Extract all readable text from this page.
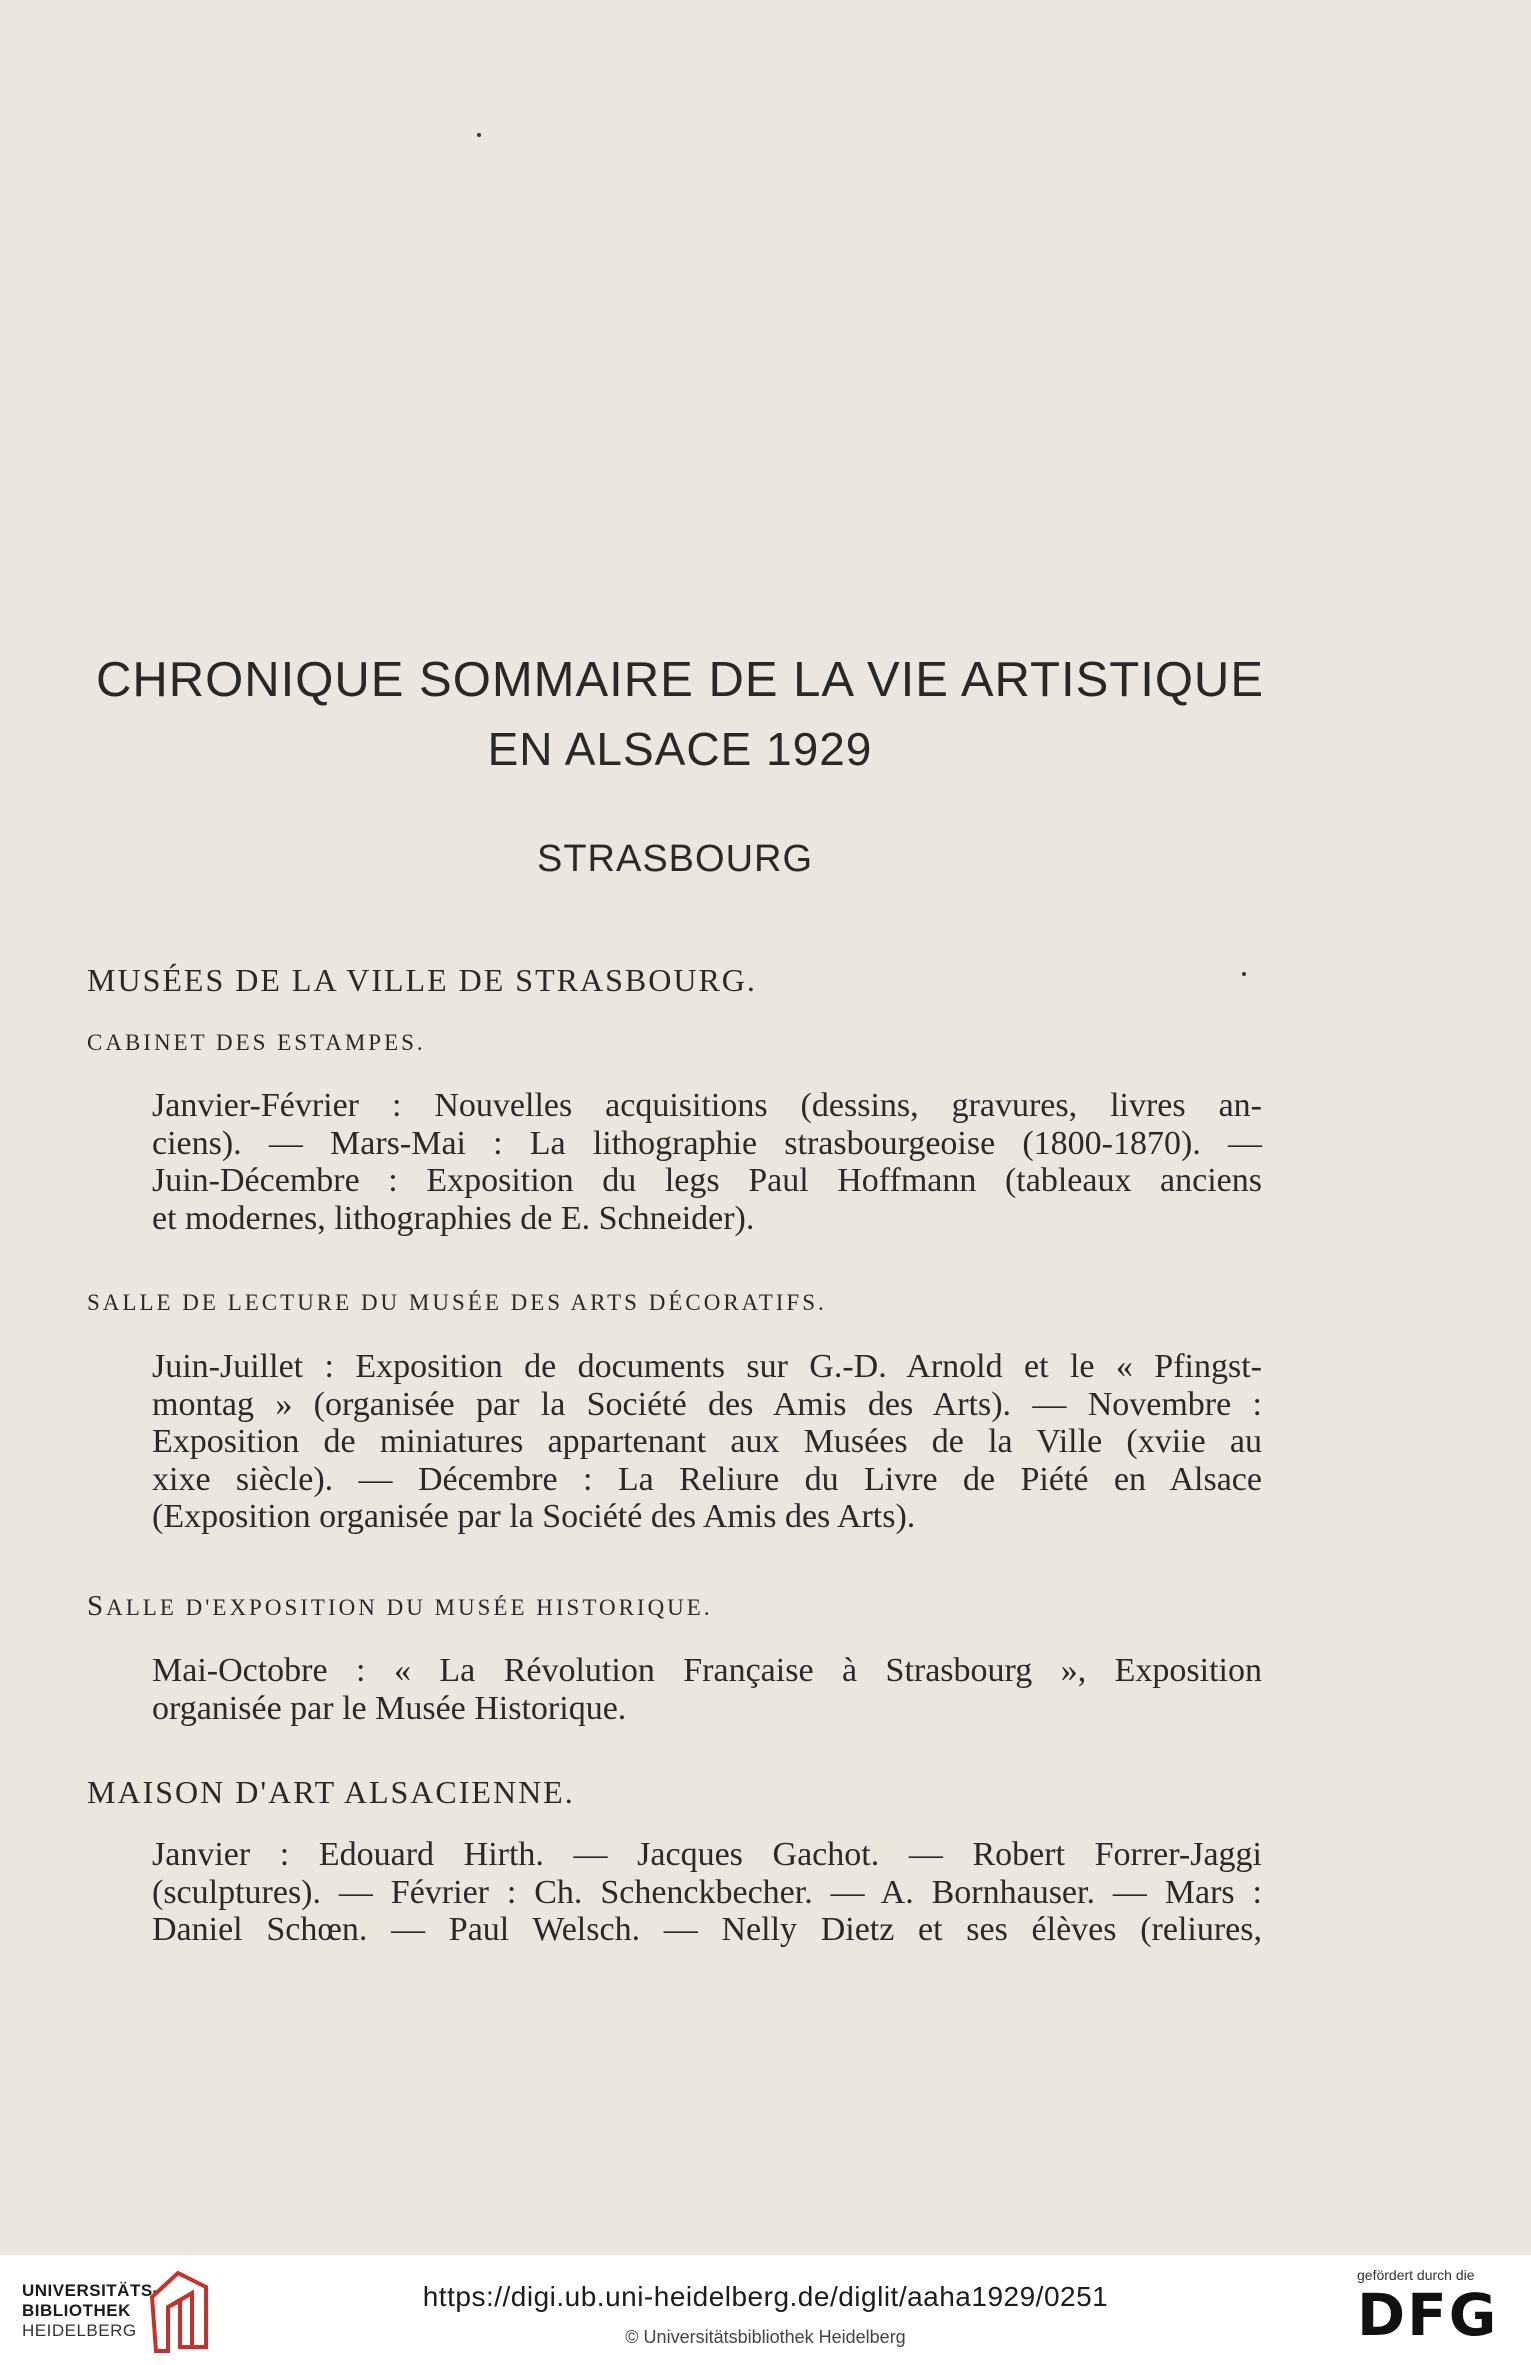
CHRONIQUE SOMMAIRE DE LA VIE ARTISTIQUE
EN ALSACE 1929
STRASBOURG
MUSÉES DE LA VILLE DE STRASBOURG.
CABINET DES ESTAMPES.

Janvier-Février : Nouvelles acquisitions (dessins, gravures, livres an-
ciens). — Mars-Mai : La lithographie strasbourgeoise (1800-1870). —
Juin-Décembre : Exposition du legs Paul Hoffmann (tableaux anciens
et modernes, lithographies de E. Schneider).

SALLE DE LECTURE DU MUSÉE DES ARTS DÉCORATIFS.

Juin-Juillet : Exposition de documents sur G.-D. Arnold et le « Pfingst-
montag » (organisée par la Société des Amis des Arts). — Novembre :
Exposition de miniatures appartenant aux Musées de la Ville (xviie au
xixe siècle). — Décembre : La Reliure du Livre de Piété en Alsace
(Exposition organisée par la Société des Amis des Arts).

SALLE D'EXPOSITION DU MUSÉE HISTORIQUE.

Mai-Octobre : « La Révolution Française à Strasbourg », Exposition
organisée par le Musée Historique.

MAISON D'ART ALSACIENNE.

Janvier : Edouard Hirth. — Jacques Gachot. — Robert Forrer-Jaggi
(sculptures). — Février : Ch. Schenckbecher. — A. Bornhauser. — Mars :
Daniel Schœn. — Paul Welsch. — Nelly Dietz et ses élèves (reliures,

UNIVERSITÄTS-
BIBLIOTHEK
HEIDELBERG
https://digi.ub.uni-heidelberg.de/diglit/aaha1929/0251
© Universitätsbibliothek Heidelberg
gefördert durch die
DFG
